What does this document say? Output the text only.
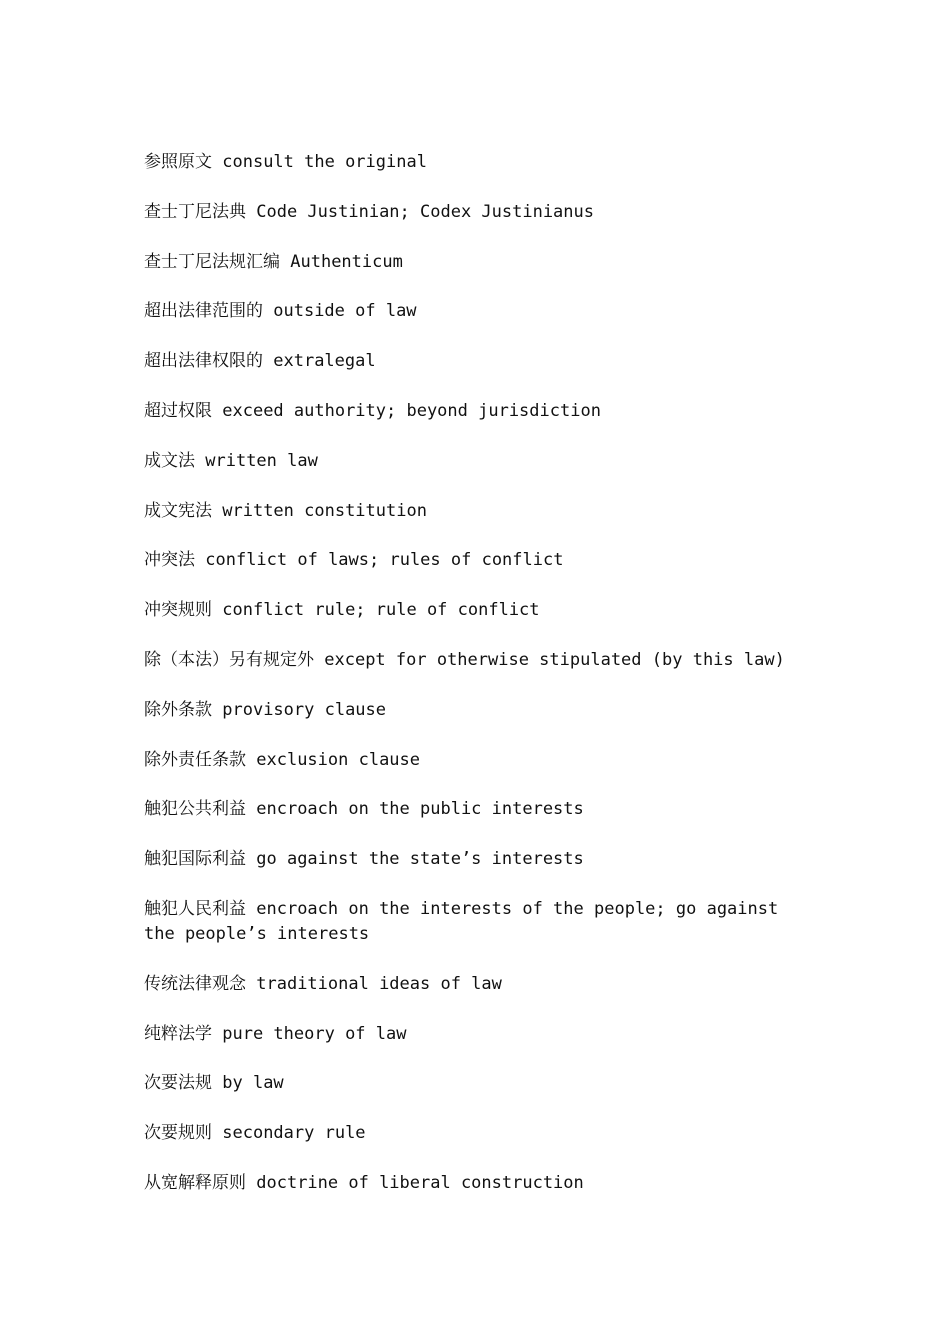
参照原文 consult the original
查士丁尼法典 Code Justinian; Codex Justinianus
查士丁尼法规汇编 Authenticum
超出法律范围的 outside of law
超出法律权限的 extralegal
超过权限 exceed authority; beyond jurisdiction
成文法 written law
成文宪法 written constitution
冲突法 conflict of laws; rules of conflict
冲突规则 conflict rule; rule of conflict
除（本法）另有规定外 except for otherwise stipulated (by this law)
除外条款 provisory clause
除外责任条款 exclusion clause
触犯公共利益 encroach on the public interests
触犯国际利益 go against the state’s interests
触犯人民利益 encroach on the interests of the people; go against the people’s interests
传统法律观念 traditional ideas of law
纯粹法学 pure theory of law
次要法规 by law
次要规则 secondary rule
从宽解释原则 doctrine of liberal construction
